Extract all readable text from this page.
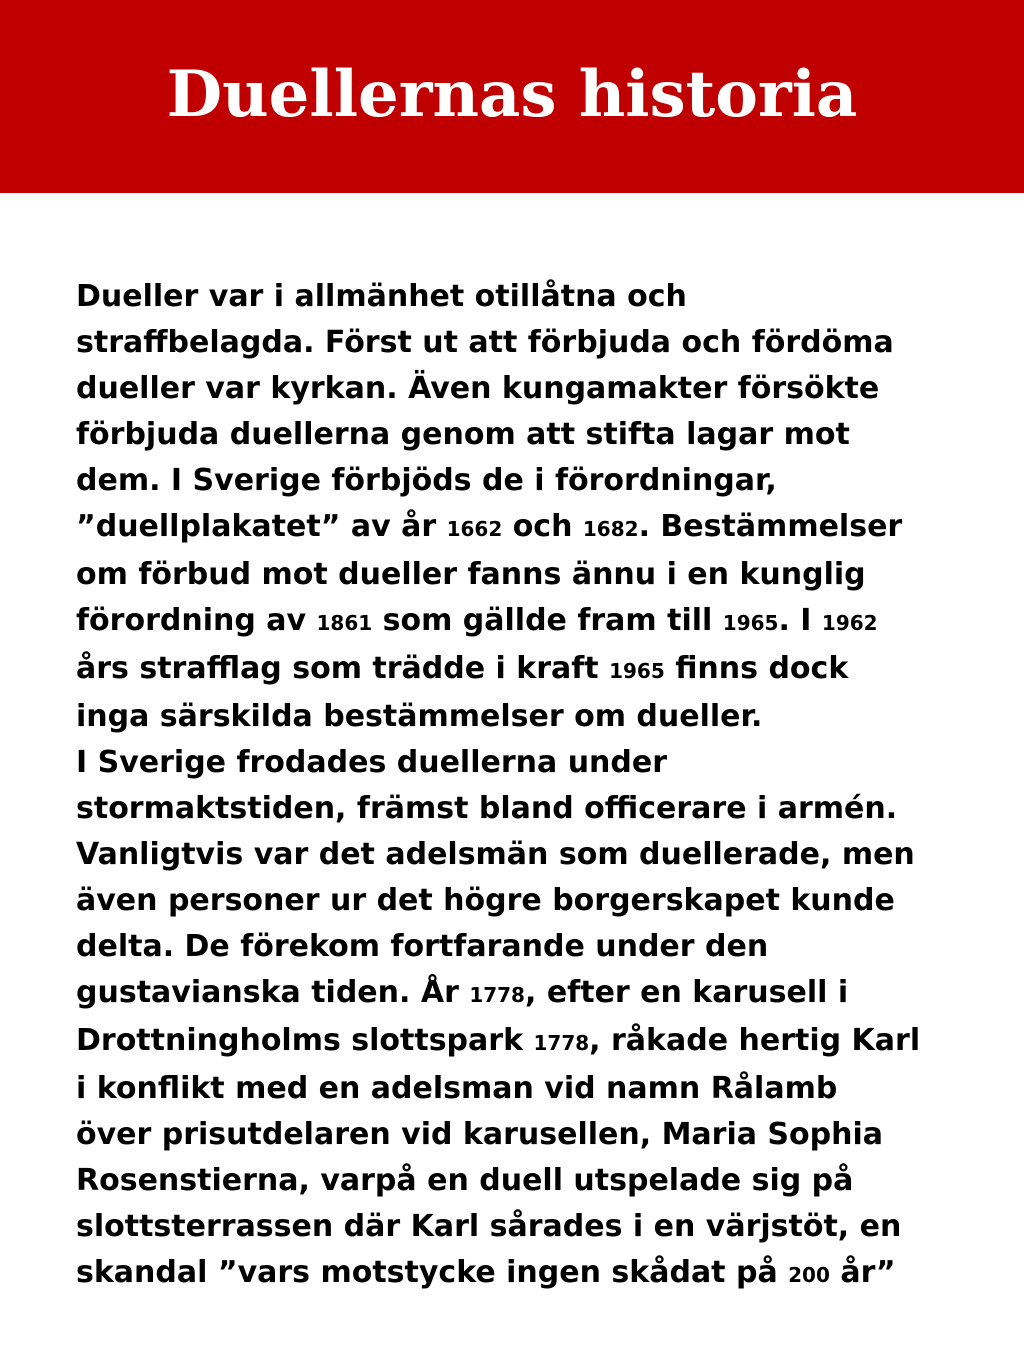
Duellernas historia
Dueller var i allmänhet otillåtna och
straffbelagda. Först ut att förbjuda och fördöma
dueller var kyrkan. Även kungamakter försökte
förbjuda duellerna genom att stifta lagar mot
dem. I Sverige förbjöds de i förordningar,
”duellplakatet” av år 1662 och 1682. Bestämmelser
om förbud mot dueller fanns ännu i en kunglig
förordning av 1861 som gällde fram till 1965. I 1962
års strafflag som trädde i kraft 1965 finns dock
inga särskilda bestämmelser om dueller.
I Sverige frodades duellerna under
stormaktstiden, främst bland officerare i armén.
Vanligtvis var det adelsmän som duellerade, men
även personer ur det högre borgerskapet kunde
delta. De förekom fortfarande under den
gustavianska tiden. År 1778, efter en karusell i
Drottningholms slottspark 1778, råkade hertig Karl
i konflikt med en adelsman vid namn Rålamb
över prisutdelaren vid karusellen, Maria Sophia
Rosenstierna, varpå en duell utspelade sig på
slottsterrassen där Karl sårades i en värjstöt, en
skandal ”vars motstycke ingen skådat på 200 år”
